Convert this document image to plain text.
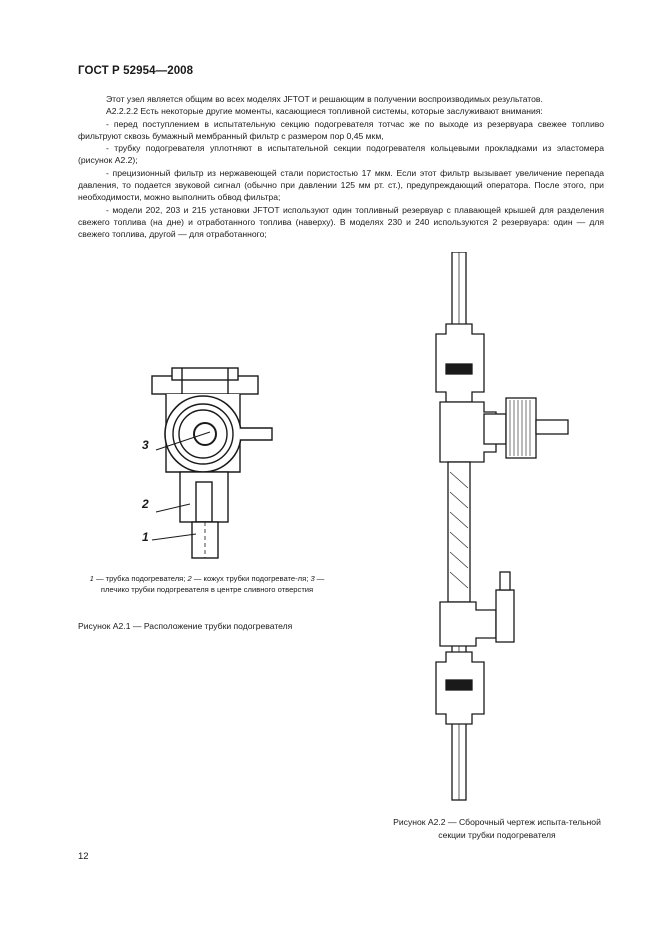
ГОСТ Р 52954—2008

Этот узел является общим во всех моделях JFTOT и решающим в получении воспроизводимых результатов.

А2.2.2.2 Есть некоторые другие моменты, касающиеся топливной системы, которые заслуживают внимания:

- перед поступлением в испытательную секцию подогревателя тотчас же по выходе из резервуара свежее топливо фильтруют сквозь бумажный мембранный фильтр с размером пор 0,45 мкм,

- трубку подогревателя уплотняют в испытательной секции подогревателя кольцевыми прокладками из эластомера (рисунок А2.2);

- прецизионный фильтр из нержавеющей стали пористостью 17 мкм. Если этот фильтр вызывает увеличение перепада давления, то подается звуковой сигнал (обычно при давлении 125 мм рт. ст.), предупреждающий оператора. После этого, при необходимости, можно выполнить обвод фильтра;

- модели 202, 203 и 215 установки JFTOT используют один топливный резервуар с плавающей крышей для разделения свежего топлива (на дне) и отработанного топлива (наверху). В моделях 230 и 240 используются 2 резервуара: один — для свежего топлива, другой — для отработанного;

3
2
1
1 — трубка подогревателя; 2 — кожух трубки подогревате-ля; 3 — плечико трубки подогревателя в центре сливного отверстия
Рисунок А2.1 — Расположение трубки подогревателя
Рисунок А2.2 — Сборочный чертеж испыта-тельной секции трубки подогревателя
12
